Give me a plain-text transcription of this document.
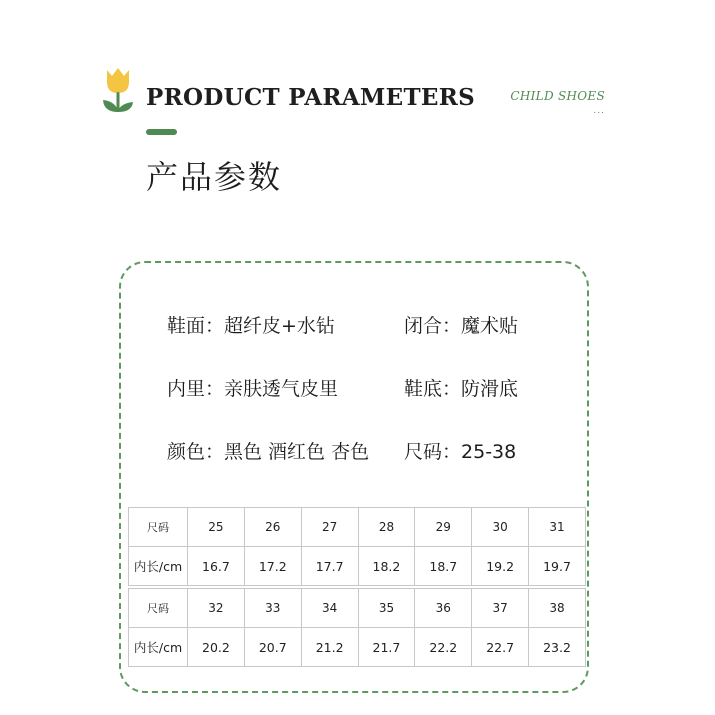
PRODUCT PARAMETERS
产品参数
CHILD SHOES
...
鞋面：超纤皮+水钻	闭合：魔术贴
内里：亲肤透气皮里	鞋底：防滑底
颜色：黑色 酒红色 杏色 尺码：25-38
尺码	25	26	27	28	29	30	31
内长/cm	16.7	17.2	17.7	18.2	18.7	19.2	19.7
尺码	32	33	34	35	36	37	38
内长/cm	20.2	20.7	21.2	21.7	22.2	22.7	23.2
